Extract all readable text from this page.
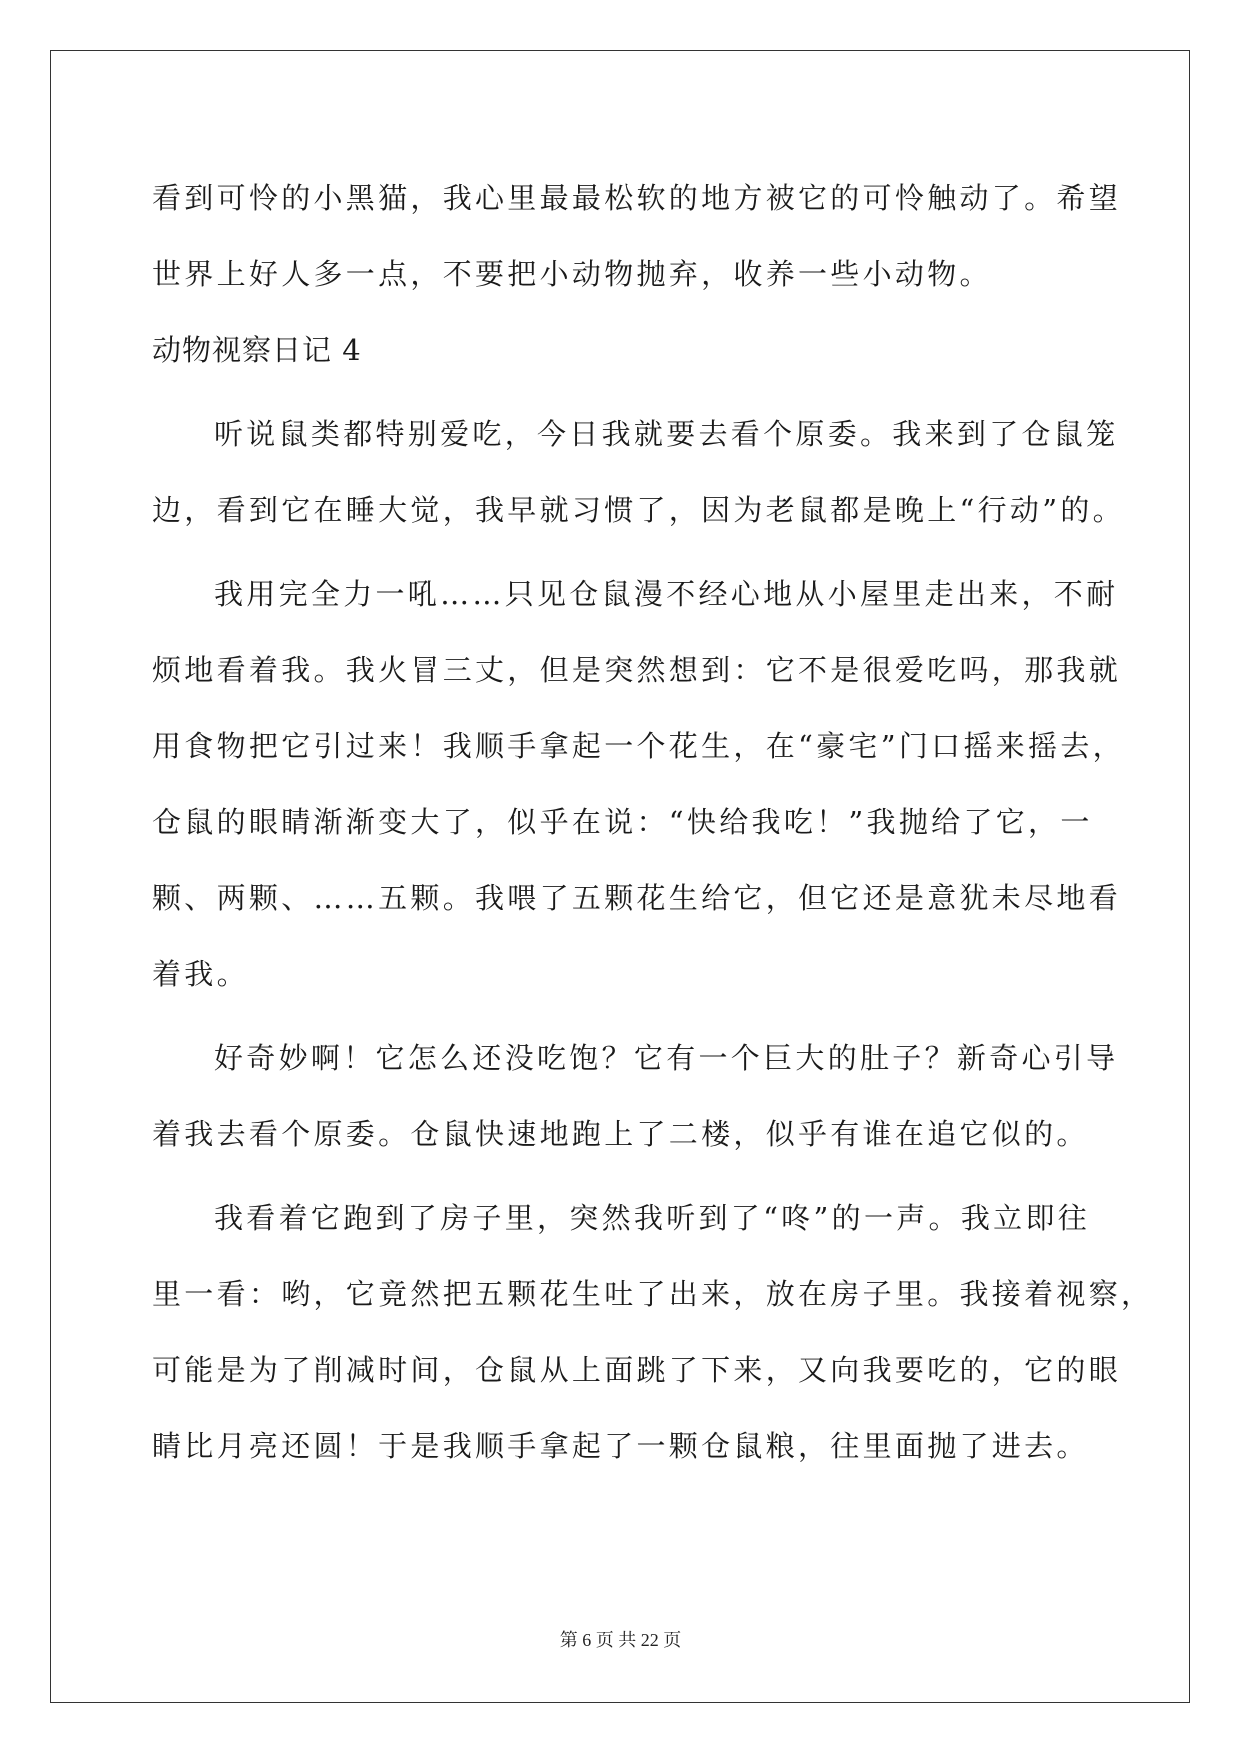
看到可怜的小黑猫，我心里最最松软的地方被它的可怜触动了。希望
世界上好人多一点，不要把小动物抛弃，收养一些小动物。
动物视察日记 4
听说鼠类都特别爱吃，今日我就要去看个原委。我来到了仓鼠笼
边，看到它在睡大觉，我早就习惯了，因为老鼠都是晚上“行动”的。
我用完全力一吼……只见仓鼠漫不经心地从小屋里走出来，不耐
烦地看着我。我火冒三丈，但是突然想到：它不是很爱吃吗，那我就
用食物把它引过来！我顺手拿起一个花生，在“豪宅”门口摇来摇去，
仓鼠的眼睛渐渐变大了，似乎在说：“快给我吃！”我抛给了它，一
颗、两颗、……五颗。我喂了五颗花生给它，但它还是意犹未尽地看
着我。
好奇妙啊！它怎么还没吃饱？它有一个巨大的肚子？新奇心引导
着我去看个原委。仓鼠快速地跑上了二楼，似乎有谁在追它似的。
我看着它跑到了房子里，突然我听到了“咚”的一声。我立即往
里一看：哟，它竟然把五颗花生吐了出来，放在房子里。我接着视察，
可能是为了削减时间，仓鼠从上面跳了下来，又向我要吃的，它的眼
睛比月亮还圆！于是我顺手拿起了一颗仓鼠粮，往里面抛了进去。
第 6 页 共 22 页
